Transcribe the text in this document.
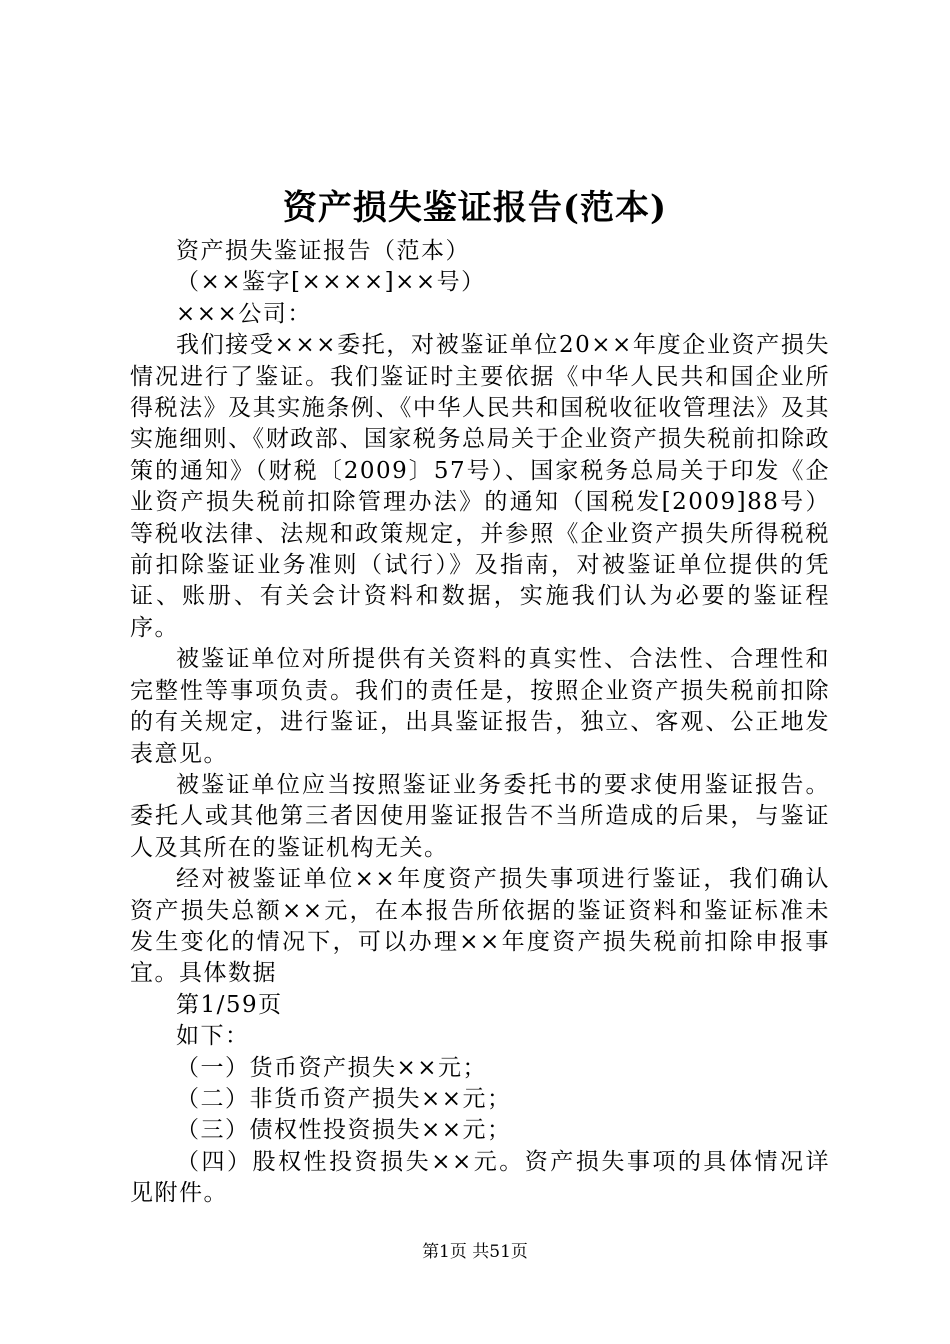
资产损失鉴证报告(范本)

资产损失鉴证报告（范本）

（××鉴字[××××]××号）

×××公司：

我们接受×××委托，对被鉴证单位20××年度企业资产损失情况进行了鉴证。我们鉴证时主要依据《中华人民共和国企业所得税法》及其实施条例、《中华人民共和国税收征收管理法》及其实施细则、《财政部、国家税务总局关于企业资产损失税前扣除政策的通知》（财税〔2009〕57号）、国家税务总局关于印发《企业资产损失税前扣除管理办法》的通知（国税发[2009]88号）等税收法律、法规和政策规定，并参照《企业资产损失所得税税前扣除鉴证业务准则（试行）》及指南，对被鉴证单位提供的凭证、账册、有关会计资料和数据，实施我们认为必要的鉴证程序。

被鉴证单位对所提供有关资料的真实性、合法性、合理性和完整性等事项负责。我们的责任是，按照企业资产损失税前扣除的有关规定，进行鉴证，出具鉴证报告，独立、客观、公正地发表意见。

被鉴证单位应当按照鉴证业务委托书的要求使用鉴证报告。委托人或其他第三者因使用鉴证报告不当所造成的后果，与鉴证人及其所在的鉴证机构无关。

经对被鉴证单位××年度资产损失事项进行鉴证，我们确认资产损失总额××元，在本报告所依据的鉴证资料和鉴证标准未发生变化的情况下，可以办理××年度资产损失税前扣除申报事宜。具体数据

第1/59页

如下：

（一）货币资产损失××元；

（二）非货币资产损失××元；

（三）债权性投资损失××元；

（四）股权性投资损失××元。资产损失事项的具体情况详见附件。

第1页 共51页
